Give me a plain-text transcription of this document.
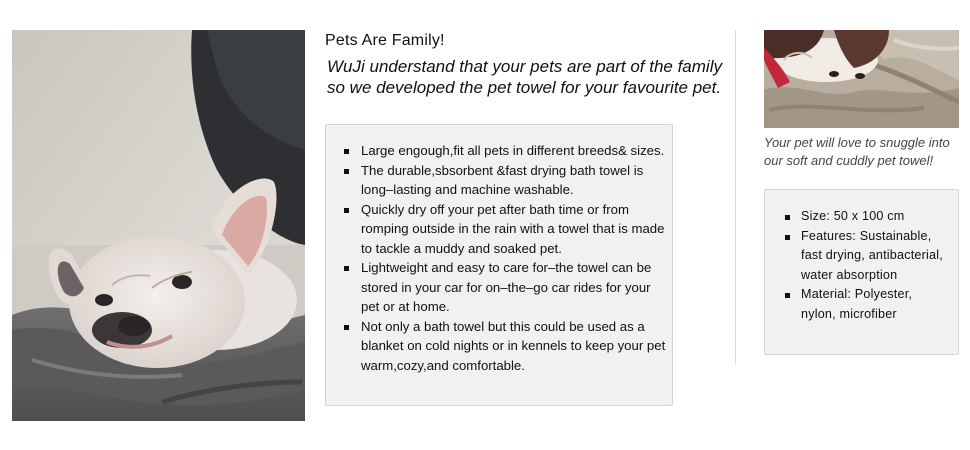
Pets Are Family!
WuJi understand that your pets are part of the family so we developed the pet towel for your favourite pet.
Large engough,fit all pets in different breeds& sizes.
The durable,sbsorbent &fast drying bath towel is long–lasting and machine washable.
Quickly dry off your pet after bath time or from romping outside in the rain with a towel that is made to tackle a muddy and soaked pet.
Lightweight and easy to care for–the towel can be stored in your car for on–the–go car rides for your pet or at home.
Not only a bath towel but this could be used as a blanket on cold nights or in kennels to keep your pet warm,cozy,and comfortable.
Your pet will love to snuggle into our soft and cuddly pet towel!
Size: 50 x 100 cm
Features: Sustainable, fast drying, antibacterial, water absorption
Material: Polyester, nylon, microfiber
